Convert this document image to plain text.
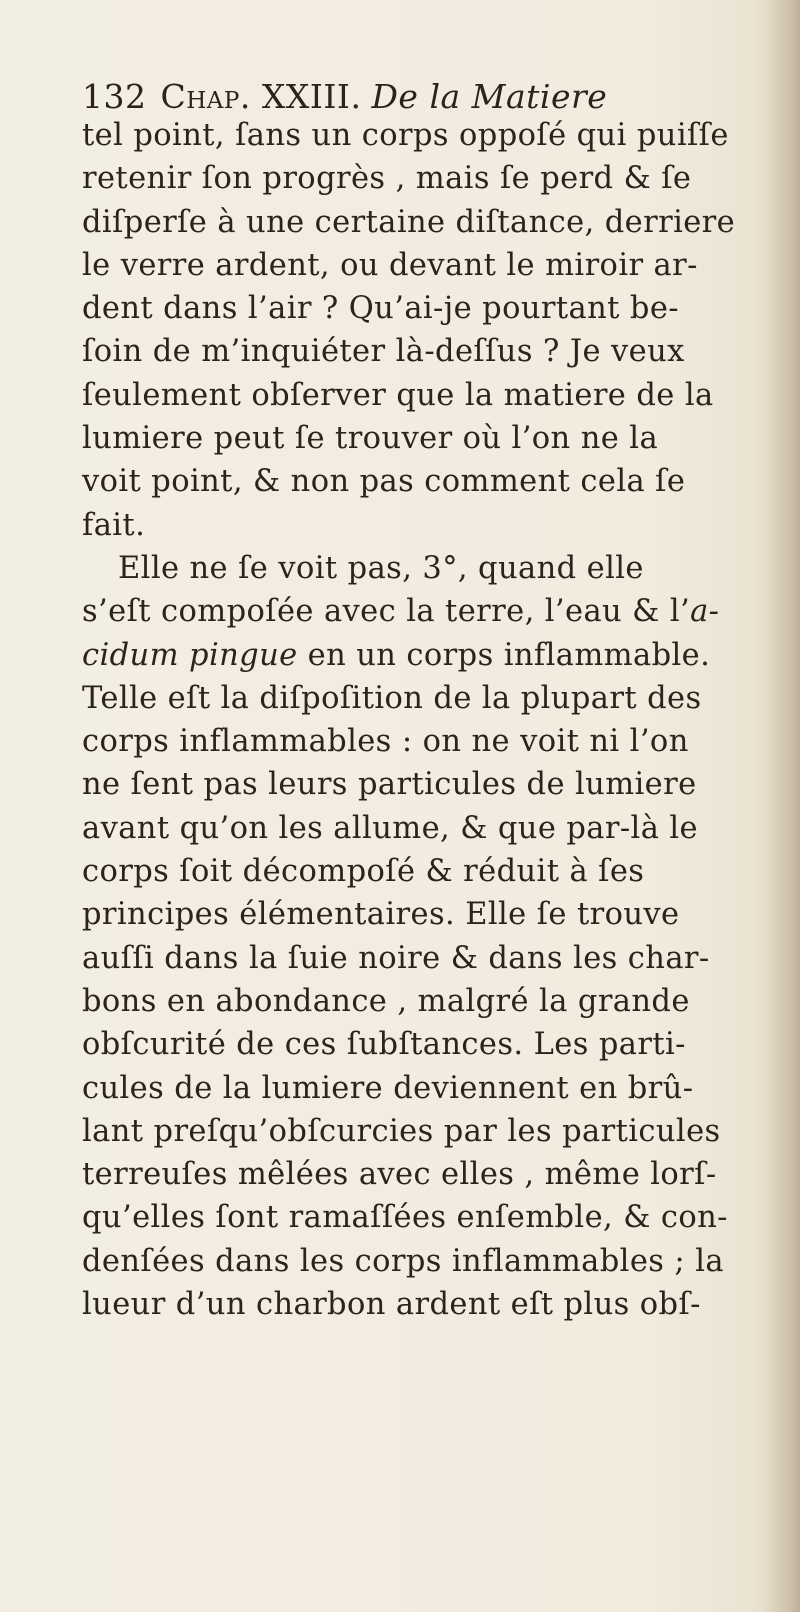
132 Chap. XXIII. De la Matiere
tel point, ſans un corps oppoſé qui puiſſe
retenir ſon progrès , mais ſe perd & ſe
diſperſe à une certaine diſtance, derriere
le verre ardent, ou devant le miroir ar-
dent dans l’air ? Qu’ai-je pourtant be-
ſoin de m’inquiéter là-deſſus ? Je veux
ſeulement obſerver que la matiere de la
lumiere peut ſe trouver où l’on ne la
voit point, & non pas comment cela ſe
fait.
Elle ne ſe voit pas, 3°, quand elle
s’eſt compoſée avec la terre, l’eau & l’a-
cidum pingue en un corps inflammable.
Telle eſt la diſpoſition de la plupart des
corps inflammables : on ne voit ni l’on
ne ſent pas leurs particules de lumiere
avant qu’on les allume, & que par-là le
corps ſoit décompoſé & réduit à ſes
principes élémentaires. Elle ſe trouve
auſſi dans la ſuie noire & dans les char-
bons en abondance , malgré la grande
obſcurité de ces ſubſtances. Les parti-
cules de la lumiere deviennent en brû-
lant preſqu’obſcurcies par les particules
terreuſes mêlées avec elles , même lorſ-
qu’elles ſont ramaſſées enſemble, & con-
denſées dans les corps inflammables ; la
lueur d’un charbon ardent eſt plus obſ-
